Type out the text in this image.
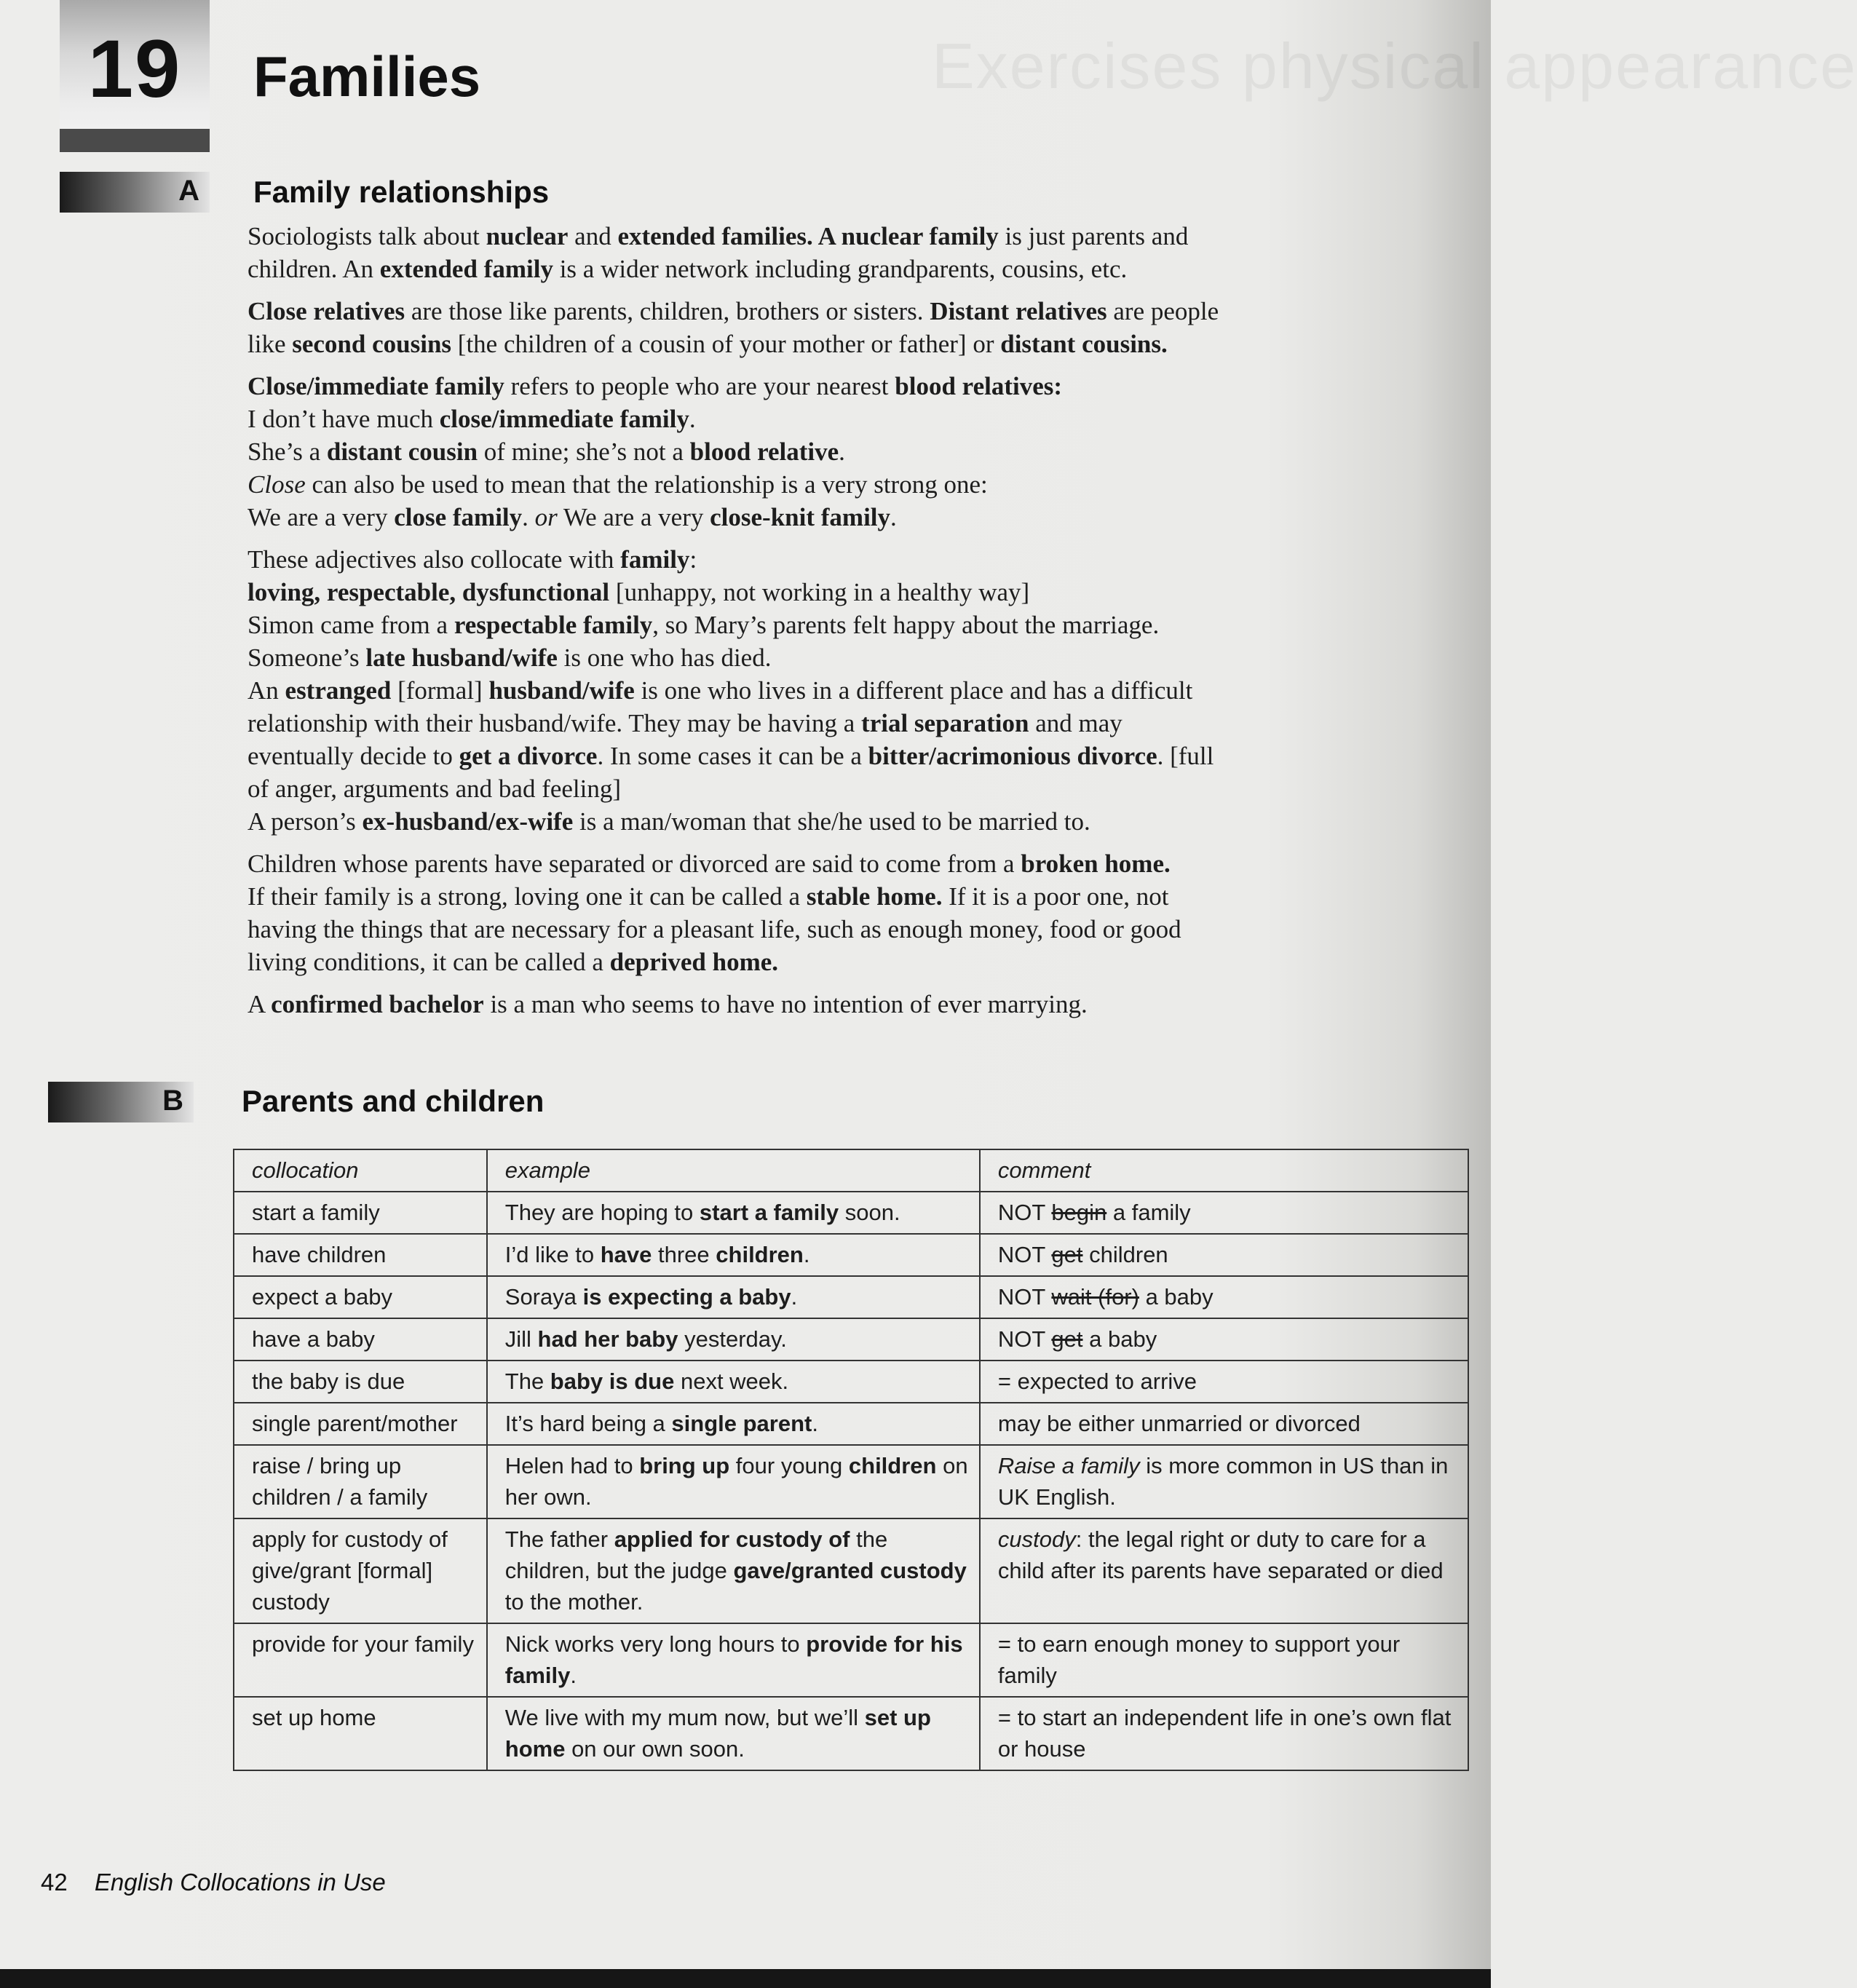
Exercises physical appearance
19	Families
A Family relationships

Sociologists talk about nuclear and extended families. A nuclear family is just parents and
children. An extended family is a wider network including grandparents, cousins, etc.

Close relatives are those like parents, children, brothers or sisters. Distant relatives are people
like second cousins [the children of a cousin of your mother or father] or distant cousins.

Close/immediate family refers to people who are your nearest blood relatives:
I don’t have much close/immediate family.
She’s a distant cousin of mine; she’s not a blood relative.
Close can also be used to mean that the relationship is a very strong one:
We are a very close family. or We are a very close-knit family.

These adjectives also collocate with family:
loving, respectable, dysfunctional [unhappy, not working in a healthy way]
Simon came from a respectable family, so Mary’s parents felt happy about the marriage.
Someone’s late husband/wife is one who has died.
An estranged [formal] husband/wife is one who lives in a different place and has a difficult
relationship with their husband/wife. They may be having a trial separation and may
eventually decide to get a divorce. In some cases it can be a bitter/acrimonious divorce. [full
of anger, arguments and bad feeling]
A person’s ex-husband/ex-wife is a man/woman that she/he used to be married to.

Children whose parents have separated or divorced are said to come from a broken home.
If their family is a strong, loving one it can be called a stable home. If it is a poor one, not
having the things that are necessary for a pleasant life, such as enough money, food or good
living conditions, it can be called a deprived home.

A confirmed bachelor is a man who seems to have no intention of ever marrying.

B Parents and children
collocation	example	comment
start a family	They are hoping to start a family soon.	NOT begin a family
have children	I’d like to have three children.	NOT get children
expect a baby	Soraya is expecting a baby.	NOT wait (for) a baby
have a baby	Jill had her baby yesterday.	NOT get a baby
the baby is due	The baby is due next week.	= expected to arrive
single parent/mother	It’s hard being a single parent.	may be either unmarried or divorced
raise / bring up children / a family	Helen had to bring up four young children on her own.	Raise a family is more common in US than in UK English.
apply for custody of give/grant [formal] custody	The father applied for custody of the children, but the judge gave/granted custody to the mother.	custody: the legal right or duty to care for a child after its parents have separated or died
provide for your family	Nick works very long hours to provide for his family.	= to earn enough money to support your family
set up home	We live with my mum now, but we’ll set up home on our own soon.	= to start an independent life in one’s own flat or house
42 English Collocations in Use
